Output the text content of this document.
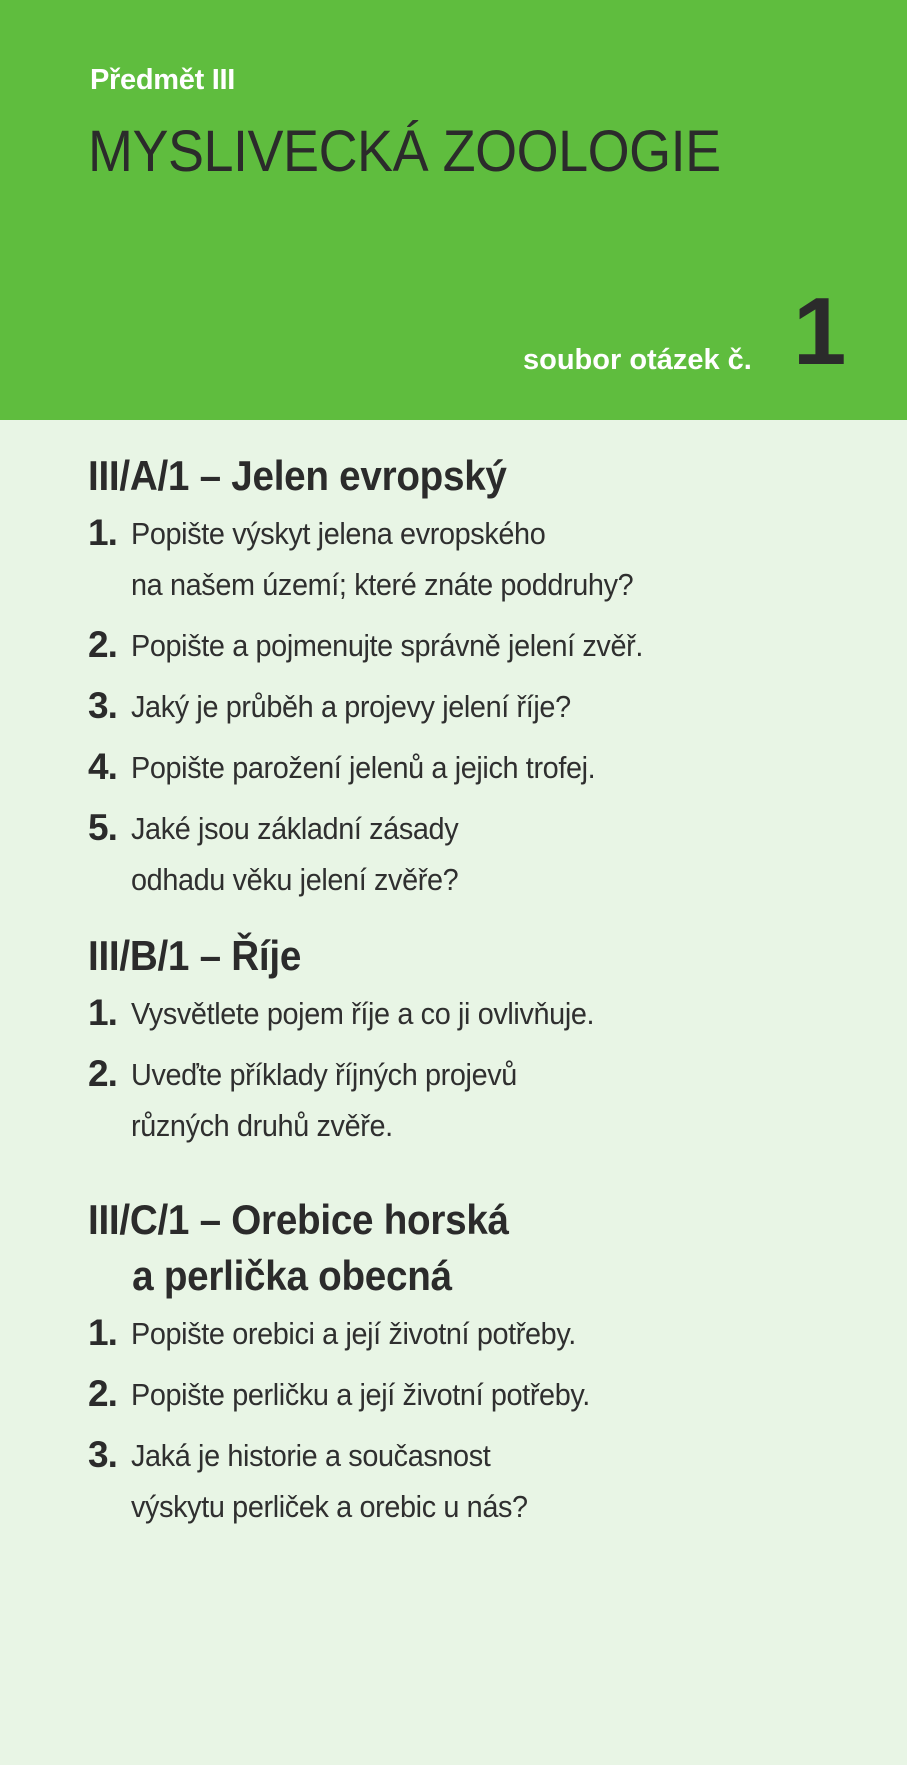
Předmět III
MYSLIVECKÁ ZOOLOGIE
soubor otázek č. 1
III/A/1 – Jelen evropský
1. Popište výskyt jelena evropského
na našem území; které znáte poddruhy?
2. Popište a pojmenujte správně jelení zvěř.
3. Jaký je průběh a projevy jelení říje?
4. Popište parožení jelenů a jejich trofej.
5. Jaké jsou základní zásady
odhadu věku jelení zvěře?
III/B/1 – Říje
1. Vysvětlete pojem říje a co ji ovlivňuje.
2. Uveďte příklady říjných projevů
různých druhů zvěře.
III/C/1 – Orebice horská
a perlička obecná
1. Popište orebici a její životní potřeby.
2. Popište perličku a její životní potřeby.
3. Jaká je historie a současnost
výskytu perliček a orebic u nás?
